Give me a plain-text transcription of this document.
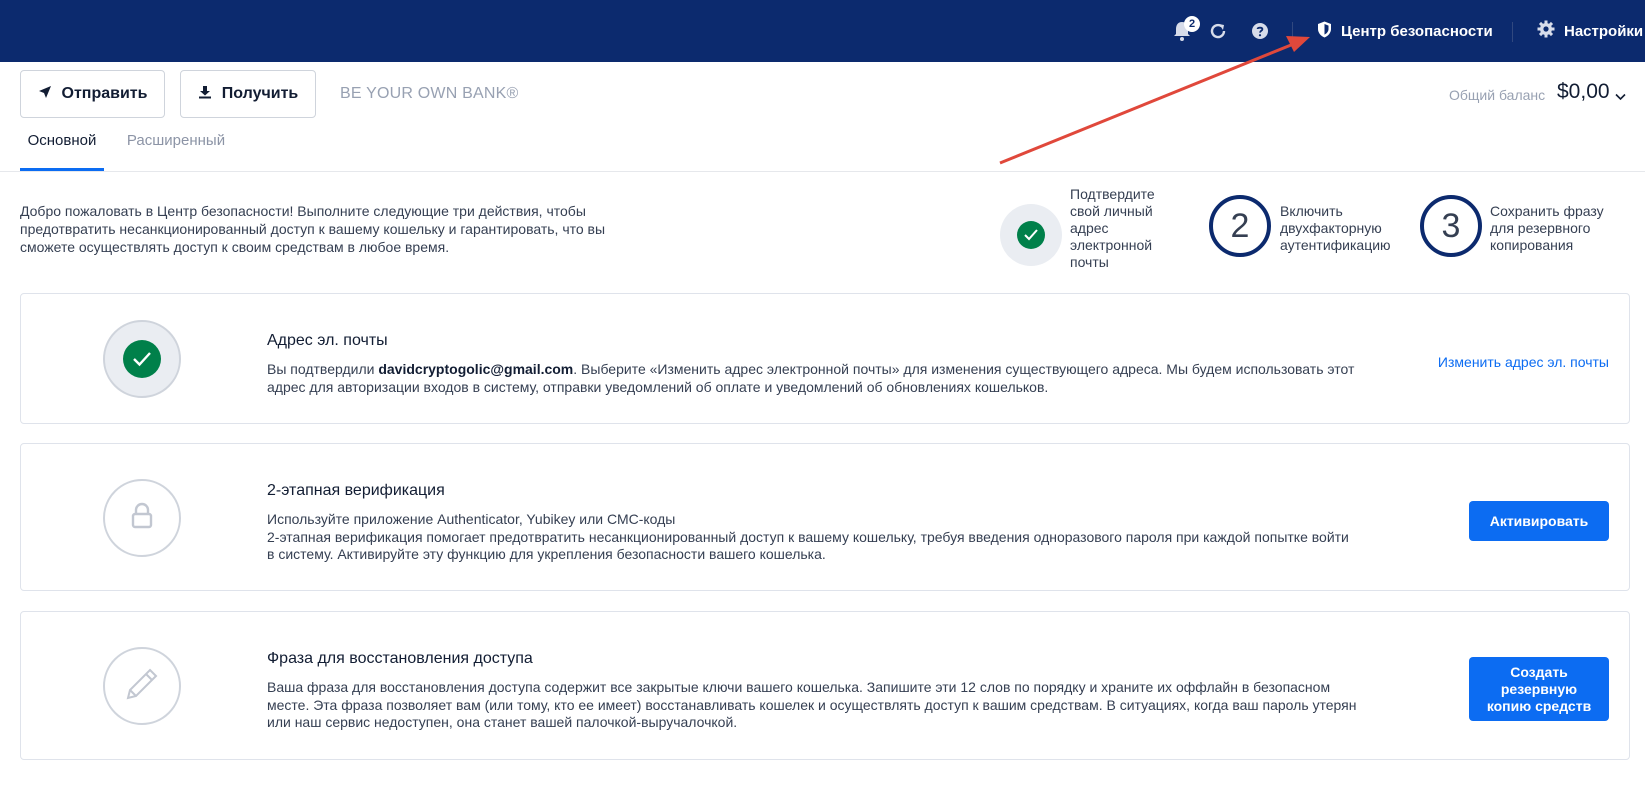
2	Центр безопасности	Настройки
Отправить	Получить	BE YOUR OWN BANK®	Общий баланс $0,00
Основной Расширенный
Добро пожаловать в Центр безопасности! Выполните следующие три действия, чтобы предотвратить несанкционированный доступ к вашему кошельку и гарантировать, что вы сможете осуществлять доступ к своим средствам в любое время.
Подтвердите
свой личный
адрес
электронной
почты
2	Включить
двухфакторную
аутентификацию
3	Сохранить фразу
для резервного
копирования
Адрес эл. почты
Вы подтвердили davidcryptogolic@gmail.com. Выберите «Изменить адрес электронной почты» для изменения существующего адреса. Мы будем использовать этот адрес для авторизации входов в систему, отправки уведомлений об оплате и уведомлений об обновлениях кошельков.
Изменить адрес эл. почты
2-этапная верификация
Используйте приложение Authenticator, Yubikey или СМС-коды
2-этапная верификация помогает предотвратить несанкционированный доступ к вашему кошельку, требуя введения одноразового пароля при каждой попытке войти в систему. Активируйте эту функцию для укрепления безопасности вашего кошелька.
Активировать
Фраза для восстановления доступа
Ваша фраза для восстановления доступа содержит все закрытые ключи вашего кошелька. Запишите эти 12 слов по порядку и храните их оффлайн в безопасном месте. Эта фраза позволяет вам (или тому, кто ее имеет) восстанавливать кошелек и осуществлять доступ к вашим средствам. В ситуациях, когда ваш пароль утерян или наш сервис недоступен, она станет вашей палочкой-выручалочкой.
Создать резервную копию средств
